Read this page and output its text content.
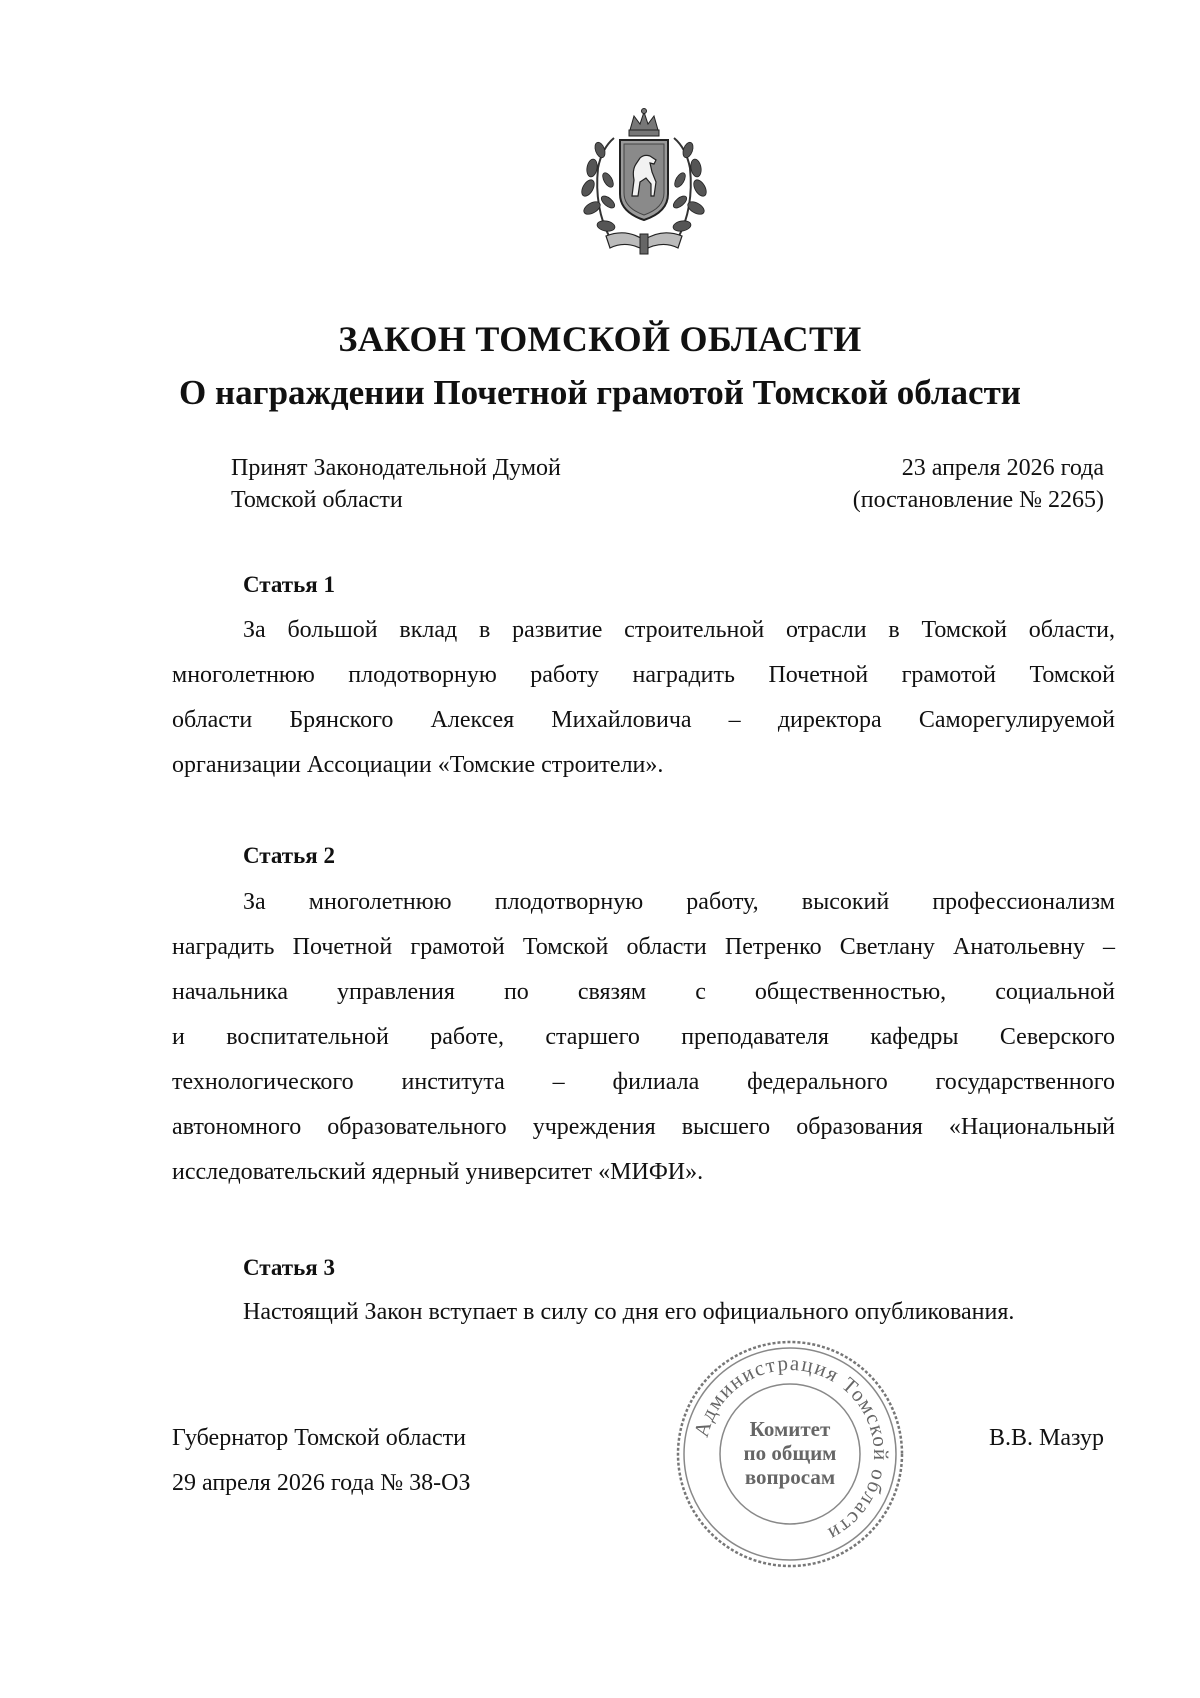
ЗАКОН ТОМСКОЙ ОБЛАСТИ
О награждении Почетной грамотой Томской области
Принят Законодательной Думой
Томской области
23 апреля 2026 года
(постановление № 2265)
Статья 1
За большой вклад в развитие строительной отрасли в Томской области,
многолетнюю плодотворную работу наградить Почетной грамотой Томской
области Брянского Алексея Михайловича – директора Саморегулируемой
организации Ассоциации «Томские строители».
Статья 2
За многолетнюю плодотворную работу, высокий профессионализм
наградить Почетной грамотой Томской области Петренко Светлану Анатольевну –
начальника управления по связям с общественностью, социальной
и воспитательной работе, старшего преподавателя кафедры Северского
технологического института – филиала федерального государственного
автономного образовательного учреждения высшего образования «Национальный
исследовательский ядерный университет «МИФИ».
Статья 3
Настоящий Закон вступает в силу со дня его официального опубликования.
Губернатор Томской области
29 апреля 2026 года № 38-ОЗ
В.В. Мазур
Администрация Томской области
Комитет
по общим
вопросам
